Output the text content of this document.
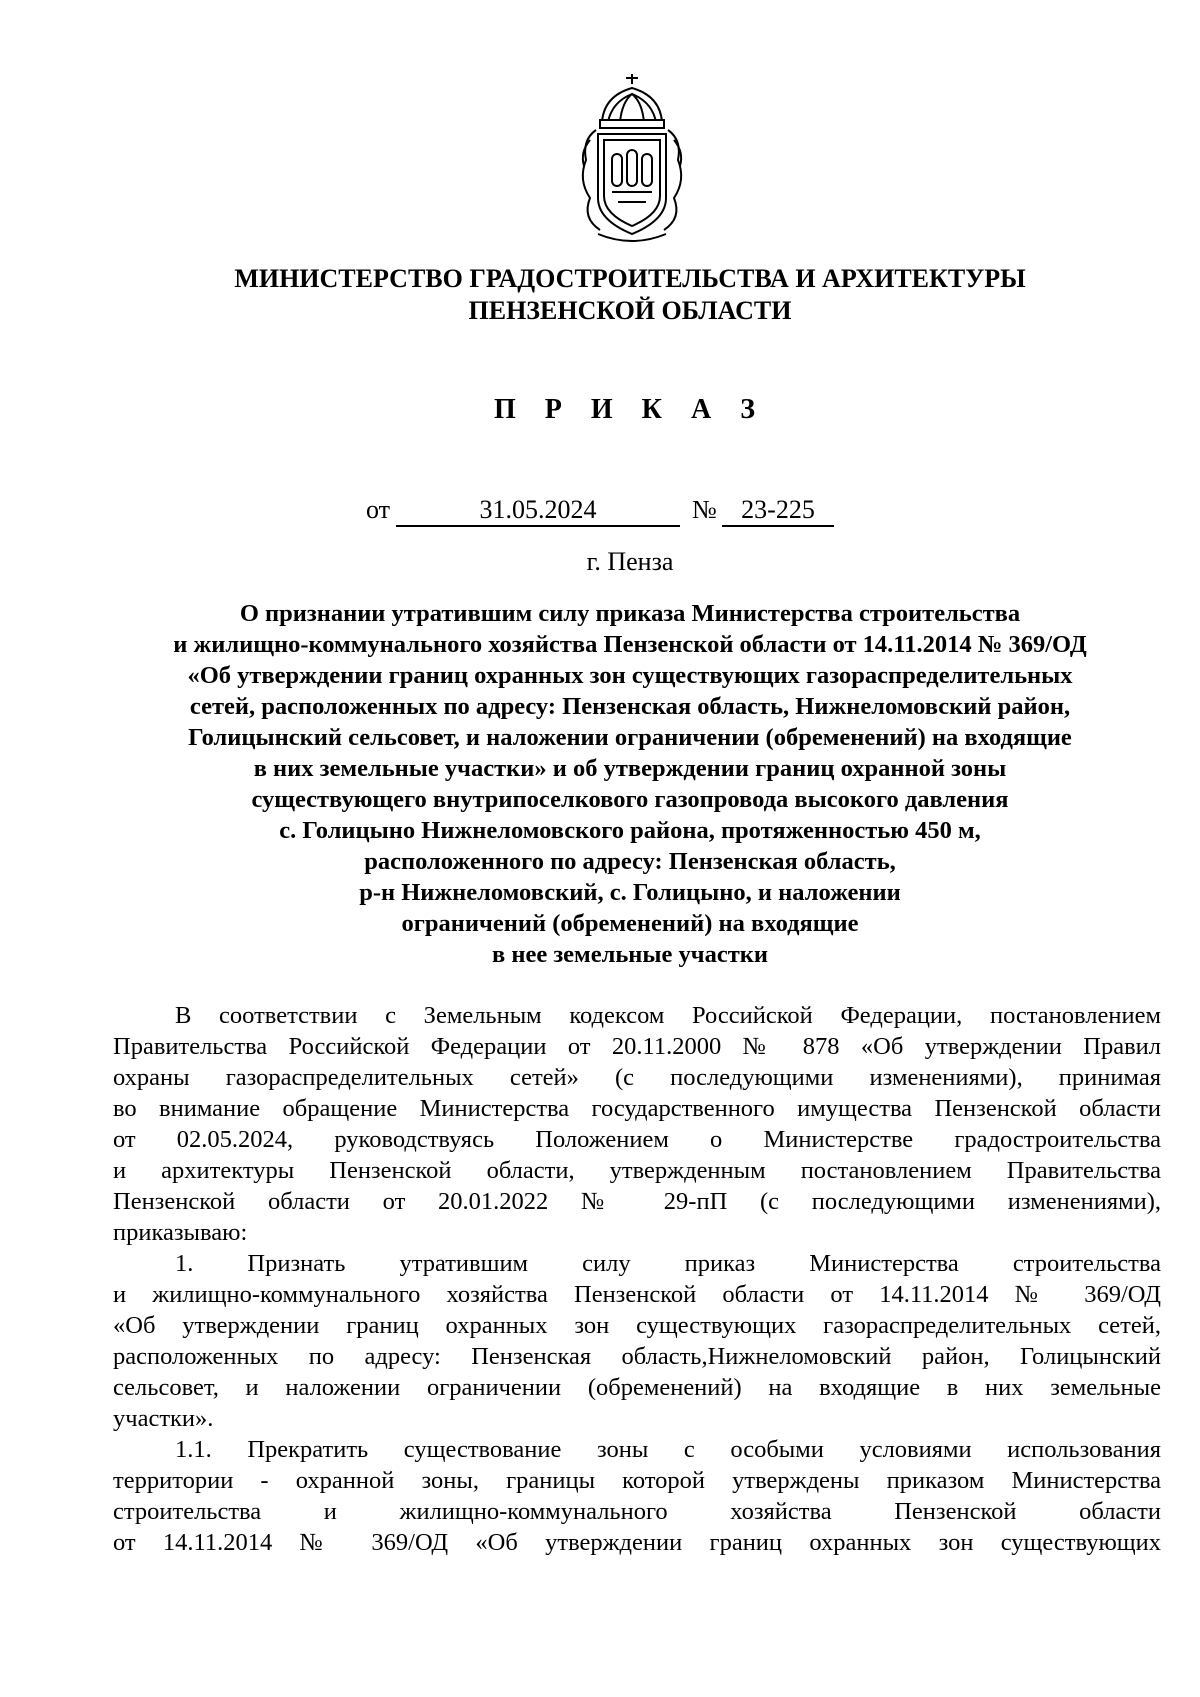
МИНИСТЕРСТВО ГРАДОСТРОИТЕЛЬСТВА И АРХИТЕКТУРЫ
ПЕНЗЕНСКОЙ ОБЛАСТИ
П Р И К А З
от	31.05.2024	№ 23-225
г. Пенза
О признании утратившим силу приказа Министерства строительства
и жилищно-коммунального хозяйства Пензенской области от 14.11.2014 № 369/ОД
«Об утверждении границ охранных зон существующих газораспределительных
сетей, расположенных по адресу: Пензенская область, Нижнеломовский район,
Голицынский сельсовет, и наложении ограничении (обременений) на входящие
в них земельные участки» и об утверждении границ охранной зоны
существующего внутрипоселкового газопровода высокого давления
с. Голицыно Нижнеломовского района, протяженностью 450 м,
расположенного по адресу: Пензенская область,
р-н Нижнеломовский, с. Голицыно, и наложении
ограничений (обременений) на входящие
в нее земельные участки
В соответствии с Земельным кодексом Российской Федерации, постановлением
Правительства Российской Федерации от 20.11.2000 № 878 «Об утверждении Правил
охраны газораспределительных сетей» (с последующими изменениями), принимая
во внимание обращение Министерства государственного имущества Пензенской области
от 02.05.2024, руководствуясь Положением о Министерстве градостроительства
и архитектуры Пензенской области, утвержденным постановлением Правительства
Пензенской области от 20.01.2022 № 29-пП (с последующими изменениями),
приказываю:
1. Признать утратившим силу приказ Министерства строительства
и жилищно-коммунального хозяйства Пензенской области от 14.11.2014 № 369/ОД
«Об утверждении границ охранных зон существующих газораспределительных сетей,
расположенных по адресу: Пензенская область,Нижнеломовский район, Голицынский
сельсовет, и наложении ограничении (обременений) на входящие в них земельные
участки».
1.1. Прекратить существование зоны с особыми условиями использования
территории - охранной зоны, границы которой утверждены приказом Министерства
строительства и жилищно-коммунального хозяйства Пензенской области
от 14.11.2014 № 369/ОД «Об утверждении границ охранных зон существующих
